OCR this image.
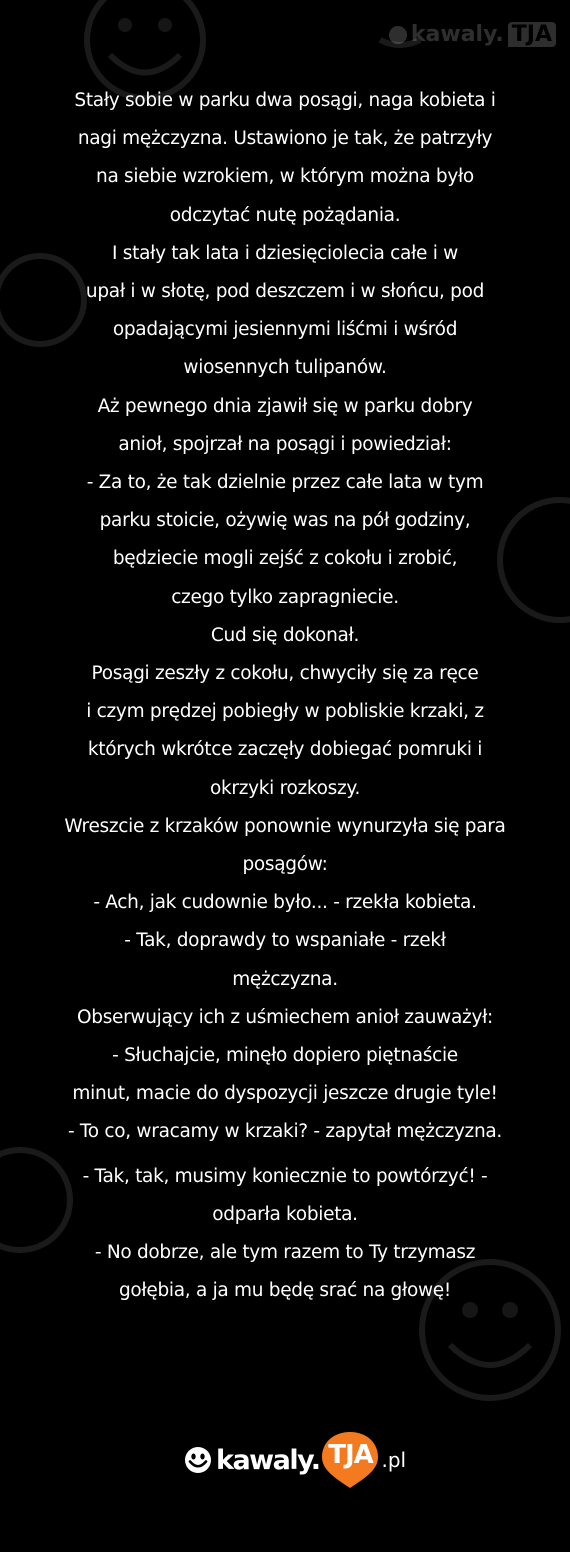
kawaly. TJA
Stały sobie w parku dwa posągi, naga kobieta i
nagi mężczyzna. Ustawiono je tak, że patrzyły
na siebie wzrokiem, w którym można było
odczytać nutę pożądania.
I stały tak lata i dziesięciolecia całe i w
upał i w słotę, pod deszczem i w słońcu, pod
opadającymi jesiennymi liśćmi i wśród
wiosennych tulipanów.
Aż pewnego dnia zjawił się w parku dobry
anioł, spojrzał na posągi i powiedział:
- Za to, że tak dzielnie przez całe lata w tym
parku stoicie, ożywię was na pół godziny,
będziecie mogli zejść z cokołu i zrobić,
czego tylko zapragniecie.
Cud się dokonał.
Posągi zeszły z cokołu, chwyciły się za ręce
i czym prędzej pobiegły w pobliskie krzaki, z
których wkrótce zaczęły dobiegać pomruki i
okrzyki rozkoszy.
Wreszcie z krzaków ponownie wynurzyła się para
posągów:
- Ach, jak cudownie było... - rzekła kobieta.
- Tak, doprawdy to wspaniałe - rzekł
mężczyzna.
Obserwujący ich z uśmiechem anioł zauważył:
- Słuchajcie, minęło dopiero piętnaście
minut, macie do dyspozycji jeszcze drugie tyle!
- To co, wracamy w krzaki? - zapytał mężczyzna.
- Tak, tak, musimy koniecznie to powtórzyć! -
odparła kobieta.
- No dobrze, ale tym razem to Ty trzymasz
gołębia, a ja mu będę srać na głowę!
kawaly. TJA .pl
